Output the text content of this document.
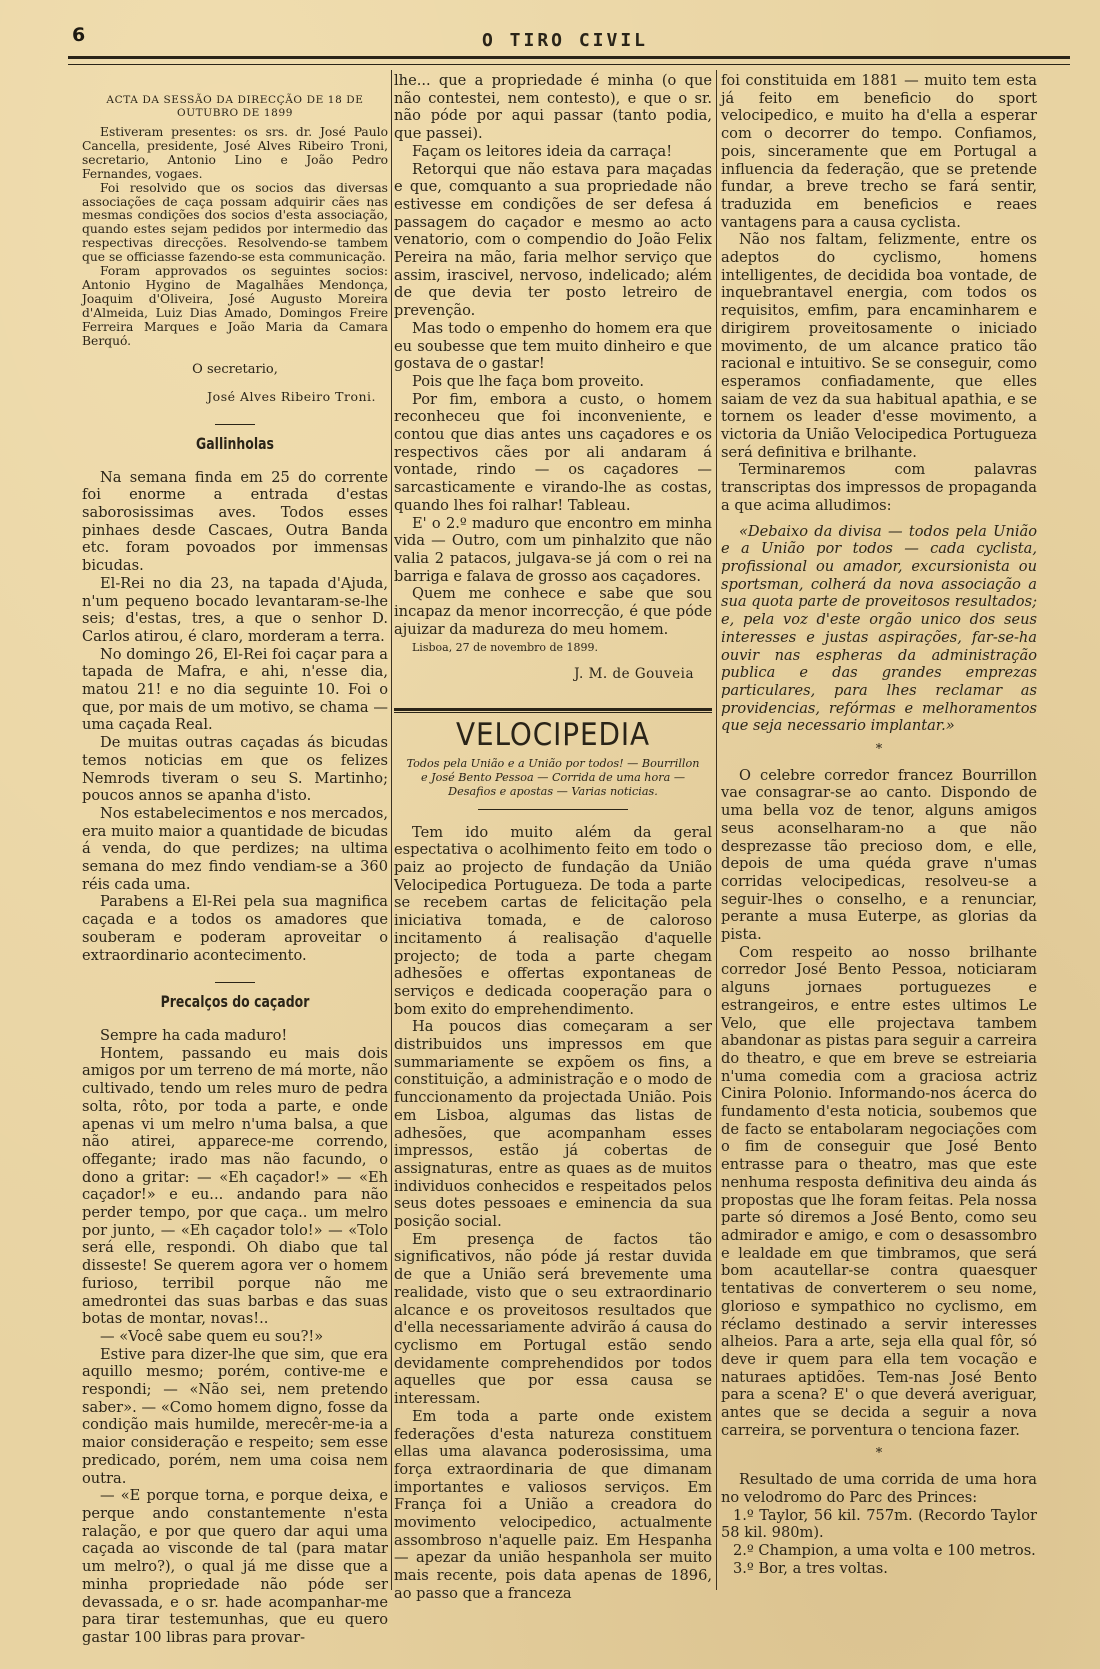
6	O TIRO CIVIL
ACTA DA SESSÃO DA DIRECÇÃO DE 18 DE OUTUBRO DE 1899

Estiveram presentes: os srs. dr. José Paulo Cancella, presidente, José Alves Ribeiro Troni, secretario, Antonio Lino e João Pedro Fernandes, vogaes.

Foi resolvido que os socios das diversas associações de caça possam adquirir cães nas mesmas condições dos socios d'esta associação, quando estes sejam pedidos por intermedio das respectivas direcções. Resolvendo-se tambem que se officiasse fazendo-se esta communicação.

Foram approvados os seguintes socios: Antonio Hygino de Magalhães Mendonça, Joaquim d'Oliveira, José Augusto Moreira d'Almeida, Luiz Dias Amado, Domingos Freire Ferreira Marques e João Maria da Camara Berquó.

O secretario,
José Alves Ribeiro Troni.
Gallinholas

Na semana finda em 25 do corrente foi enorme a entrada d'estas saborosissimas aves. Todos esses pinhaes desde Cascaes, Outra Banda etc. foram povoados por immensas bicudas.

El-Rei no dia 23, na tapada d'Ajuda, n'um pequeno bocado levantaram-se-lhe seis; d'estas, tres, a que o senhor D. Carlos atirou, é claro, morderam a terra.

No domingo 26, El-Rei foi caçar para a tapada de Mafra, e ahi, n'esse dia, matou 21! e no dia seguinte 10. Foi o que, por mais de um motivo, se chama — uma caçada Real.

De muitas outras caçadas ás bicudas temos noticias em que os felizes Nemrods tiveram o seu S. Martinho; poucos annos se apanha d'isto.

Nos estabelecimentos e nos mercados, era muito maior a quantidade de bicudas á venda, do que perdizes; na ultima semana do mez findo vendiam-se a 360 réis cada uma.

Parabens a El-Rei pela sua magnifica caçada e a todos os amadores que souberam e poderam aproveitar o extraordinario acontecimento.

Precalços do caçador

Sempre ha cada maduro!

Hontem, passando eu mais dois amigos por um terreno de má morte, não cultivado, tendo um reles muro de pedra solta, rôto, por toda a parte, e onde apenas vi um melro n'uma balsa, a que não atirei, apparece-me correndo, offegante; irado mas não facundo, o dono a gritar: — «Eh caçador!» — «Eh caçador!» e eu... andando para não perder tempo, por que caça.. um melro por junto, — «Eh caçador tolo!» — «Tolo será elle, respondi. Oh diabo que tal disseste! Se querem agora ver o homem furioso, terribil porque não me amedrontei das suas barbas e das suas botas de montar, novas!..

— «Você sabe quem eu sou?!»

Estive para dizer-lhe que sim, que era aquillo mesmo; porém, contive-me e respondi; — «Não sei, nem pretendo saber». — «Como homem digno, fosse da condição mais humilde, merecêr-me-ia a maior consideração e respeito; sem esse predicado, porém, nem uma coisa nem outra.

— «E porque torna, e porque deixa, e perque ando constantemente n'esta ralação, e por que quero dar aqui uma caçada ao visconde de tal (para matar um melro?), o qual já me disse que a minha propriedade não póde ser devassada, e o sr. hade acompanhar-me para tirar testemunhas, que eu quero gastar 100 libras para provar-

lhe... que a propriedade é minha (o que não contestei, nem contesto), e que o sr. não póde por aqui passar (tanto podia, que passei).

Façam os leitores ideia da carraça!

Retorqui que não estava para maçadas e que, comquanto a sua propriedade não estivesse em condições de ser defesa á passagem do caçador e mesmo ao acto venatorio, com o compendio do João Felix Pereira na mão, faria melhor serviço que assim, irascivel, nervoso, indelicado; além de que devia ter posto letreiro de prevenção.

Mas todo o empenho do homem era que eu soubesse que tem muito dinheiro e que gostava de o gastar!

Pois que lhe faça bom proveito.

Por fim, embora a custo, o homem reconheceu que foi inconveniente, e contou que dias antes uns caçadores e os respectivos cães por ali andaram á vontade, rindo — os caçadores — sarcasticamente e virando-lhe as costas, quando lhes foi ralhar! Tableau.

E' o 2.º maduro que encontro em minha vida — Outro, com um pinhalzito que não valia 2 patacos, julgava-se já com o rei na barriga e falava de grosso aos caçadores.

Quem me conhece e sabe que sou incapaz da menor incorrecção, é que póde ajuizar da madureza do meu homem.

Lisboa, 27 de novembro de 1899.

J. M. de Gouveia
VELOCIPEDIA
Todos pela União e a União por todos! — Bourrillon e José Bento Pessoa — Corrida de uma hora — Desafios e apostas — Varias noticias.

Tem ido muito além da geral espectativa o acolhimento feito em todo o paiz ao projecto de fundação da União Velocipedica Portugueza. De toda a parte se recebem cartas de felicitação pela iniciativa tomada, e de caloroso incitamento á realisação d'aquelle projecto; de toda a parte chegam adhesões e offertas expontaneas de serviços e dedicada cooperação para o bom exito do emprehendimento.

Ha poucos dias começaram a ser distribuidos uns impressos em que summariamente se expõem os fins, a constituição, a administração e o modo de funccionamento da projectada União. Pois em Lisboa, algumas das listas de adhesões, que acompanham esses impressos, estão já cobertas de assignaturas, entre as quaes as de muitos individuos conhecidos e respeitados pelos seus dotes pessoaes e eminencia da sua posição social.

Em presença de factos tão significativos, não póde já restar duvida de que a União será brevemente uma realidade, visto que o seu extraordinario alcance e os proveitosos resultados que d'ella necessariamente advirão á causa do cyclismo em Portugal estão sendo devidamente comprehendidos por todos aquelles que por essa causa se interessam.

Em toda a parte onde existem federações d'esta natureza constituem ellas uma alavanca poderosissima, uma força extraordinaria de que dimanam importantes e valiosos serviços. Em França foi a União a creadora do movimento velocipedico, actualmente assombroso n'aquelle paiz. Em Hespanha — apezar da união hespanhola ser muito mais recente, pois data apenas de 1896, ao passo que a franceza

foi constituida em 1881 — muito tem esta já feito em beneficio do sport velocipedico, e muito ha d'ella a esperar com o decorrer do tempo. Confiamos, pois, sinceramente que em Portugal a influencia da federação, que se pretende fundar, a breve trecho se fará sentir, traduzida em beneficios e reaes vantagens para a causa cyclista.

Não nos faltam, felizmente, entre os adeptos do cyclismo, homens intelligentes, de decidida boa vontade, de inquebrantavel energia, com todos os requisitos, emfim, para encaminharem e dirigirem proveitosamente o iniciado movimento, de um alcance pratico tão racional e intuitivo. Se se conseguir, como esperamos confiadamente, que elles saiam de vez da sua habitual apathia, e se tornem os leader d'esse movimento, a victoria da União Velocipedica Portugueza será definitiva e brilhante.

Terminaremos com palavras transcriptas dos impressos de propaganda a que acima alludimos:

«Debaixo da divisa — todos pela União e a União por todos — cada cyclista, profissional ou amador, excursionista ou sportsman, colherá da nova associação a sua quota parte de proveitosos resultados; e, pela voz d'este orgão unico dos seus interesses e justas aspirações, far-se-ha ouvir nas espheras da administração publica e das grandes emprezas particulares, para lhes reclamar as providencias, refórmas e melhoramentos que seja necessario implantar.»

*

O celebre corredor francez Bourrillon vae consagrar-se ao canto. Dispondo de uma bella voz de tenor, alguns amigos seus aconselharam-no a que não desprezasse tão precioso dom, e elle, depois de uma quéda grave n'umas corridas velocipedicas, resolveu-se a seguir-lhes o conselho, e a renunciar, perante a musa Euterpe, as glorias da pista.

Com respeito ao nosso brilhante corredor José Bento Pessoa, noticiaram alguns jornaes portuguezes e estrangeiros, e entre estes ultimos Le Velo, que elle projectava tambem abandonar as pistas para seguir a carreira do theatro, e que em breve se estreiaria n'uma comedia com a graciosa actriz Cinira Polonio. Informando-nos ácerca do fundamento d'esta noticia, soubemos que de facto se entabolaram negociações com o fim de conseguir que José Bento entrasse para o theatro, mas que este nenhuma resposta definitiva deu ainda ás propostas que lhe foram feitas. Pela nossa parte só diremos a José Bento, como seu admirador e amigo, e com o desassombro e lealdade em que timbramos, que será bom acautellar-se contra quaesquer tentativas de converterem o seu nome, glorioso e sympathico no cyclismo, em réclamo destinado a servir interesses alheios. Para a arte, seja ella qual fôr, só deve ir quem para ella tem vocação e naturaes aptidões. Tem-nas José Bento para a scena? E' o que deverá averiguar, antes que se decida a seguir a nova carreira, se porventura o tenciona fazer.

*

Resultado de uma corrida de uma hora no velodromo do Parc des Princes:

1.º Taylor, 56 kil. 757m. (Recordo Taylor 58 kil. 980m).

2.º Champion, a uma volta e 100 metros.

3.º Bor, a tres voltas.
